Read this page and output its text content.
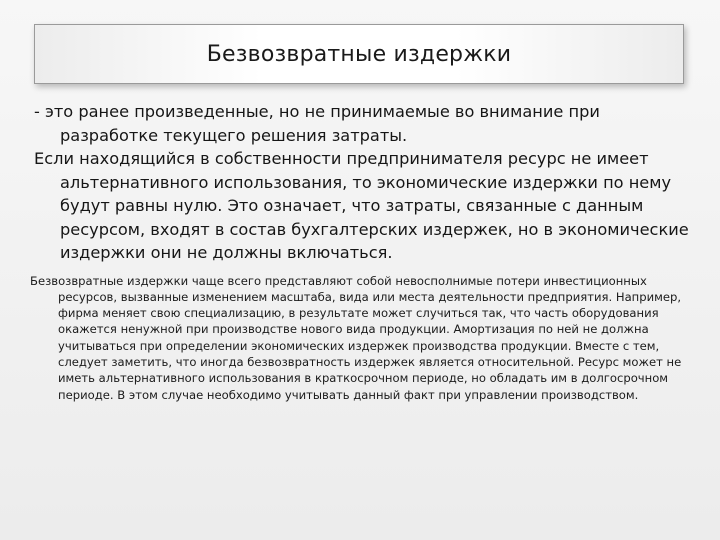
Безвозвратные издержки

- это ранее произведенные, но не принимаемые во внимание при разработке текущего решения затраты.

Если находящийся в собственности предпринимателя ресурс не имеет альтернативного использования, то экономические издержки по нему будут равны нулю. Это означает, что затраты, связанные с данным ресурсом, входят в состав бухгалтерских издержек, но в экономические издержки они не должны включаться.

Безвозвратные издержки чаще всего представляют собой невосполнимые потери инвестиционных ресурсов, вызванные изменением масштаба, вида или места деятельности предприятия. Например, фирма меняет свою специализацию, в результате может случиться так, что часть оборудования окажется ненужной при производстве нового вида продукции. Амортизация по ней не должна учитываться при определении экономических издержек производства продукции. Вместе с тем, следует заметить, что иногда безвозвратность издержек является относительной. Ресурс может не иметь альтернативного использования в краткосрочном периоде, но обладать им в долгосрочном периоде. В этом случае необходимо учитывать данный факт при управлении производством.
